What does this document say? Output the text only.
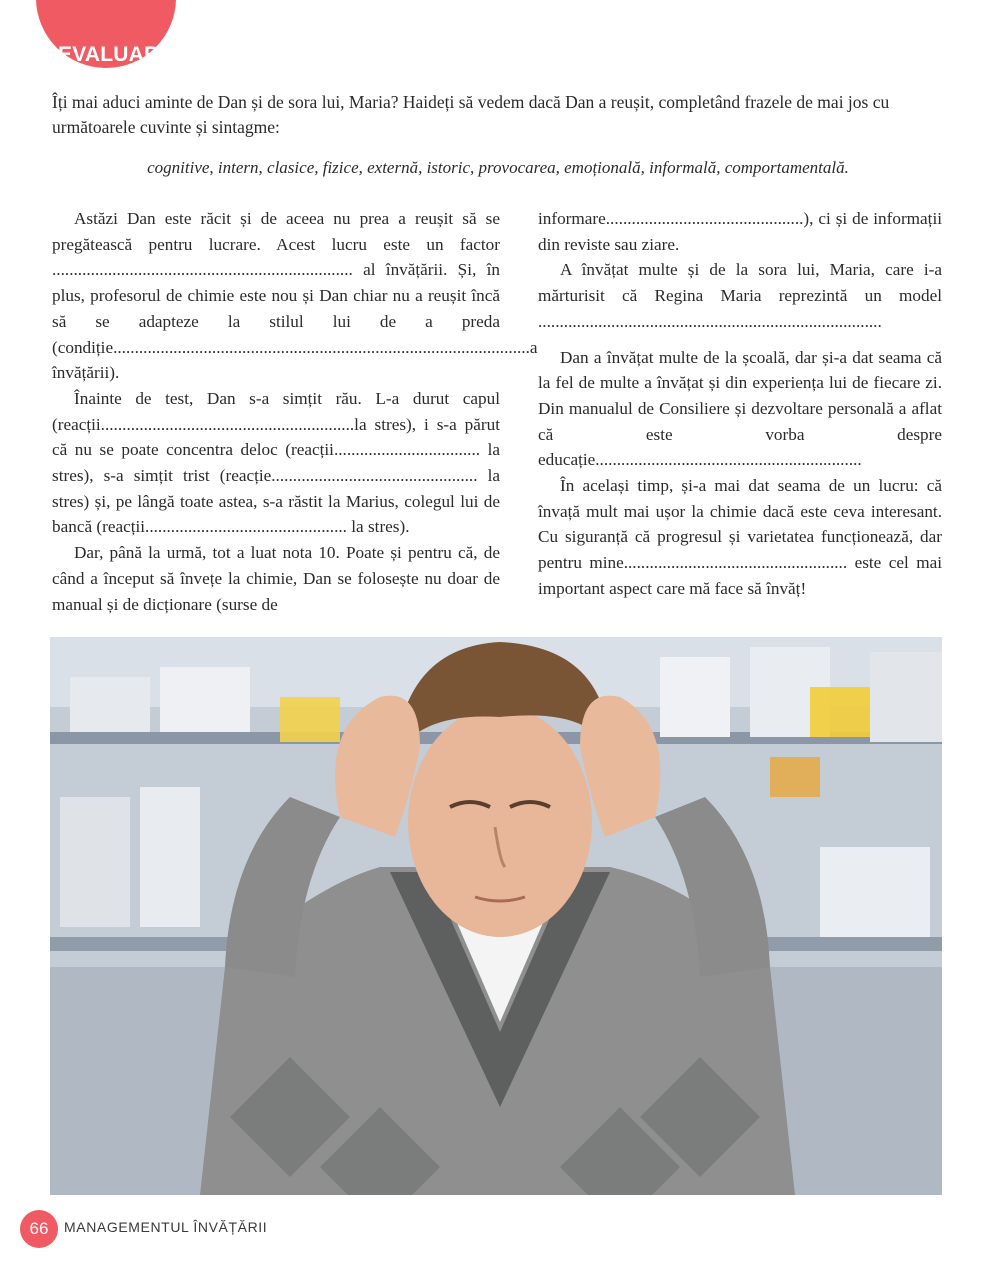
EVALUARE

Îți mai aduci aminte de Dan și de sora lui, Maria? Haideți să vedem dacă Dan a reușit, completând frazele de mai jos cu următoarele cuvinte și sintagme:

cognitive, intern, clasice, fizice, externă, istoric, provocarea, emoțională, informală, comportamentală.

Astăzi Dan este răcit și de aceea nu prea a reușit să se pregătească pentru lucrare. Acest lucru este un factor ...................................................................... al învățării. Și, în plus, profesorul de chimie este nou și Dan chiar nu a reușit încă să se adapteze la stilul lui de a preda (condiție.................................................................................................a învățării).

Înainte de test, Dan s-a simțit rău. L-a durut capul (reacții...........................................................la stres), i s-a părut că nu se poate concentra deloc (reacții.................................. la stres), s-a simțit trist (reacție................................................ la stres) și, pe lângă toate astea, s-a răstit la Marius, colegul lui de bancă (reacții............................................... la stres).

Dar, până la urmă, tot a luat nota 10. Poate și pentru că, de când a început să învețe la chimie, Dan se folosește nu doar de manual și de dicționare (surse de

informare..............................................), ci și de informații din reviste sau ziare.

A învățat multe și de la sora lui, Maria, care i-a mărturisit că Regina Maria reprezintă un model ................................................................................

Dan a învățat multe de la școală, dar și-a dat seama că la fel de multe a învățat și din experiența lui de fiecare zi. Din manualul de Consiliere și dezvoltare personală a aflat că este vorba despre educație..............................................................

În același timp, și-a mai dat seama de un lucru: că învață mult mai ușor la chimie dacă este ceva interesant. Cu siguranță că progresul și varietatea funcționează, dar pentru mine.................................................... este cel mai important aspect care mă face să învăț!

66 MANAGEMENTUL ÎNVĂȚĂRII
